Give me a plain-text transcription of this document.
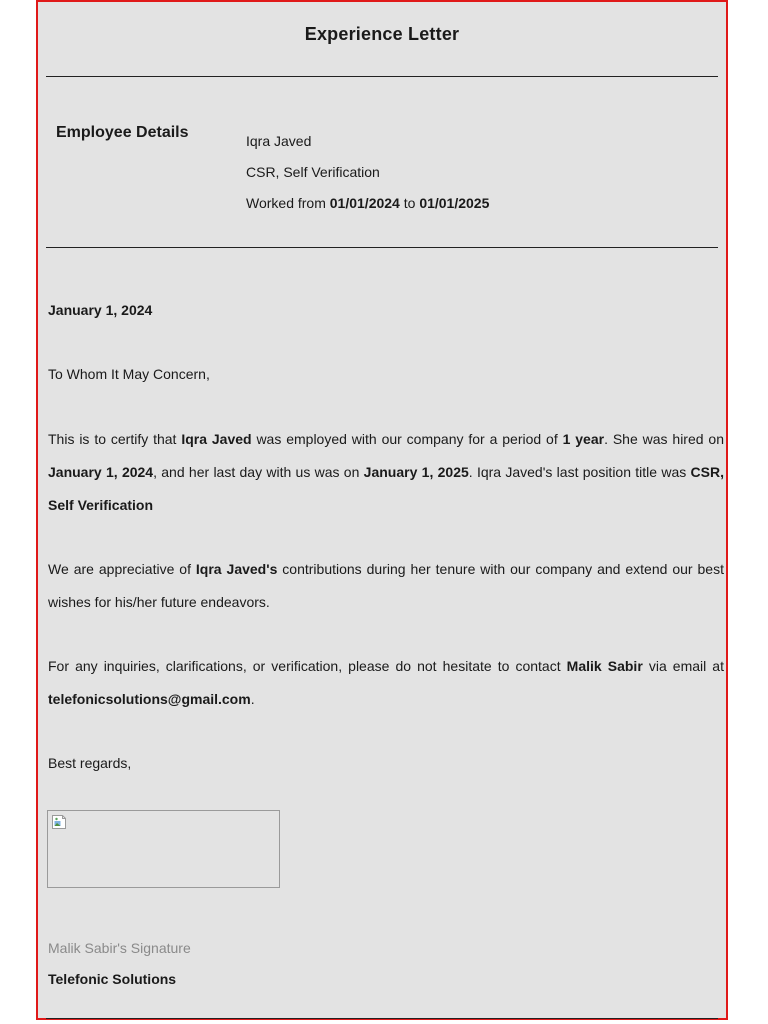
Experience Letter
Employee Details	Iqra Javed
CSR, Self Verification
Worked from 01/01/2024 to 01/01/2025
January 1, 2024
To Whom It May Concern,
This is to certify that Iqra Javed was employed with our company for a period of 1 year. She was hired on January 1, 2024, and her last day with us was on January 1, 2025. Iqra Javed's last position title was CSR, Self Verification
We are appreciative of Iqra Javed's contributions during her tenure with our company and extend our best wishes for his/her future endeavors.
For any inquiries, clarifications, or verification, please do not hesitate to contact Malik Sabir via email at telefonicsolutions@gmail.com.
Best regards,
Malik Sabir's Signature
Telefonic Solutions
